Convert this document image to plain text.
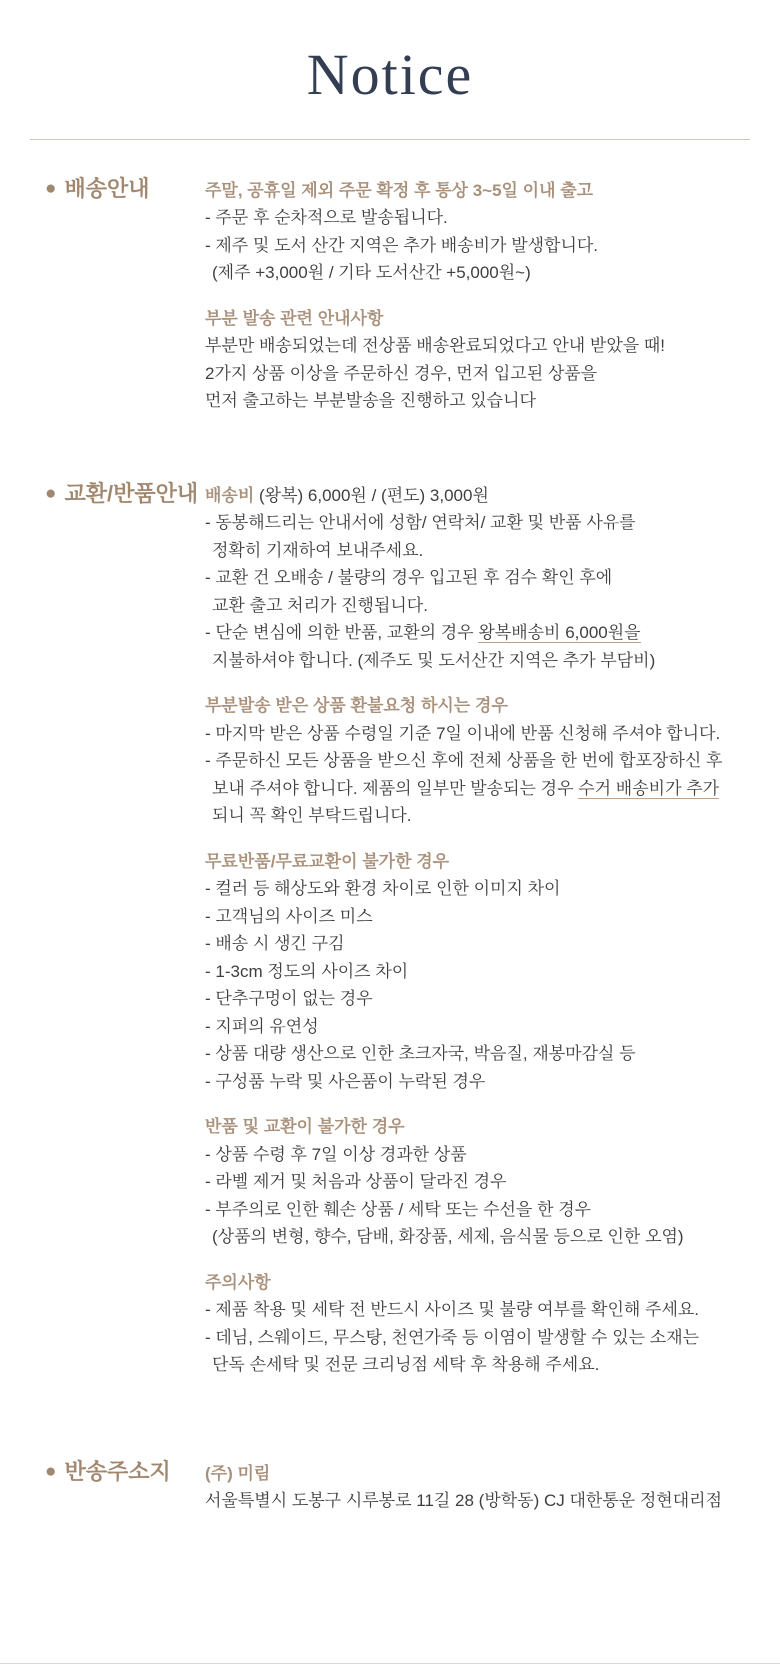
Notice
● 배송안내	주말, 공휴일 제외 주문 확정 후 통상 3~5일 이내 출고
- 주문 후 순차적으로 발송됩니다.
- 제주 및 도서 산간 지역은 추가 배송비가 발생합니다.
(제주 +3,000원 / 기타 도서산간 +5,000원~)
부분 발송 관련 안내사항
부분만 배송되었는데 전상품 배송완료되었다고 안내 받았을 때!
2가지 상품 이상을 주문하신 경우, 먼저 입고된 상품을
먼저 출고하는 부분발송을 진행하고 있습니다
● 교환/반품안내 배송비 (왕복) 6,000원 / (편도) 3,000원
- 동봉해드리는 안내서에 성함/ 연락처/ 교환 및 반품 사유를
정확히 기재하여 보내주세요.
- 교환 건 오배송 / 불량의 경우 입고된 후 검수 확인 후에
교환 출고 처리가 진행됩니다.
- 단순 변심에 의한 반품, 교환의 경우 왕복배송비 6,000원을
지불하셔야 합니다. (제주도 및 도서산간 지역은 추가 부담비)
부분발송 받은 상품 환불요청 하시는 경우
- 마지막 받은 상품 수령일 기준 7일 이내에 반품 신청해 주셔야 합니다.
- 주문하신 모든 상품을 받으신 후에 전체 상품을 한 번에 합포장하신 후
보내 주셔야 합니다. 제품의 일부만 발송되는 경우 수거 배송비가 추가
되니 꼭 확인 부탁드립니다.
무료반품/무료교환이 불가한 경우
- 컬러 등 해상도와 환경 차이로 인한 이미지 차이
- 고객님의 사이즈 미스
- 배송 시 생긴 구김
- 1-3cm 정도의 사이즈 차이
- 단추구멍이 없는 경우
- 지퍼의 유연성
- 상품 대량 생산으로 인한 초크자국, 박음질, 재봉마감실 등
- 구성품 누락 및 사은품이 누락된 경우
반품 및 교환이 불가한 경우
- 상품 수령 후 7일 이상 경과한 상품
- 라벨 제거 및 처음과 상품이 달라진 경우
- 부주의로 인한 훼손 상품 / 세탁 또는 수선을 한 경우
(상품의 변형, 향수, 담배, 화장품, 세제, 음식물 등으로 인한 오염)
주의사항
- 제품 착용 및 세탁 전 반드시 사이즈 및 불량 여부를 확인해 주세요.
- 데님, 스웨이드, 무스탕, 천연가죽 등 이염이 발생할 수 있는 소재는
단독 손세탁 및 전문 크리닝점 세탁 후 착용해 주세요.
● 반송주소지 (주) 미림
서울특별시 도봉구 시루봉로 11길 28 (방학동) CJ 대한통운 정현대리점
